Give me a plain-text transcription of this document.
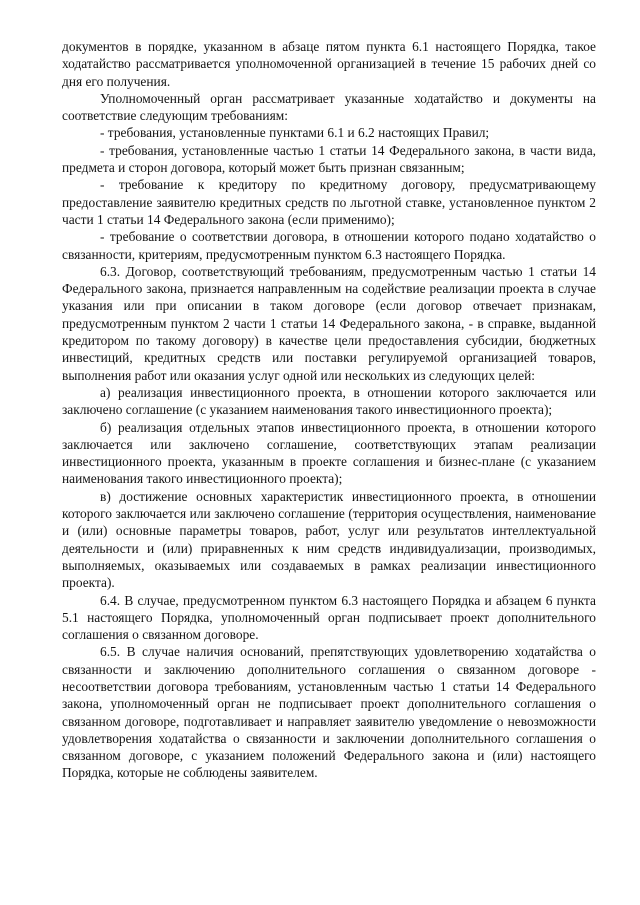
документов в порядке, указанном в абзаце пятом пункта 6.1 настоящего Порядка, такое ходатайство рассматривается уполномоченной организацией в течение 15 рабочих дней со дня его получения.

Уполномоченный орган рассматривает указанные ходатайство и документы на соответствие следующим требованиям:

- требования, установленные пунктами 6.1 и 6.2 настоящих Правил;

- требования, установленные частью 1 статьи 14 Федерального закона, в части вида, предмета и сторон договора, который может быть признан связанным;

- требование к кредитору по кредитному договору, предусматривающему предоставление заявителю кредитных средств по льготной ставке, установленное пунктом 2 части 1 статьи 14 Федерального закона (если применимо);

- требование о соответствии договора, в отношении которого подано ходатайство о связанности, критериям, предусмотренным пунктом 6.3 настоящего Порядка.

6.3. Договор, соответствующий требованиям, предусмотренным частью 1 статьи 14 Федерального закона, признается направленным на содействие реализации проекта в случае указания или при описании в таком договоре (если договор отвечает признакам, предусмотренным пунктом 2 части 1 статьи 14 Федерального закона, - в справке, выданной кредитором по такому договору) в качестве цели предоставления субсидии, бюджетных инвестиций, кредитных средств или поставки регулируемой организацией товаров, выполнения работ или оказания услуг одной или нескольких из следующих целей:

а) реализация инвестиционного проекта, в отношении которого заключается или заключено соглашение (с указанием наименования такого инвестиционного проекта);

б) реализация отдельных этапов инвестиционного проекта, в отношении которого заключается или заключено соглашение, соответствующих этапам реализации инвестиционного проекта, указанным в проекте соглашения и бизнес-плане (с указанием наименования такого инвестиционного проекта);

в) достижение основных характеристик инвестиционного проекта, в отношении которого заключается или заключено соглашение (территория осуществления, наименование и (или) основные параметры товаров, работ, услуг или результатов интеллектуальной деятельности и (или) приравненных к ним средств индивидуализации, производимых, выполняемых, оказываемых или создаваемых в рамках реализации инвестиционного проекта).

6.4. В случае, предусмотренном пунктом 6.3 настоящего Порядка и абзацем 6 пункта 5.1 настоящего Порядка, уполномоченный орган подписывает проект дополнительного соглашения о связанном договоре.

6.5. В случае наличия оснований, препятствующих удовлетворению ходатайства о связанности и заключению дополнительного соглашения о связанном договоре - несоответствии договора требованиям, установленным частью 1 статьи 14 Федерального закона, уполномоченный орган не подписывает проект дополнительного соглашения о связанном договоре, подготавливает и направляет заявителю уведомление о невозможности удовлетворения ходатайства о связанности и заключении дополнительного соглашения о связанном договоре, с указанием положений Федерального закона и (или) настоящего Порядка, которые не соблюдены заявителем.
